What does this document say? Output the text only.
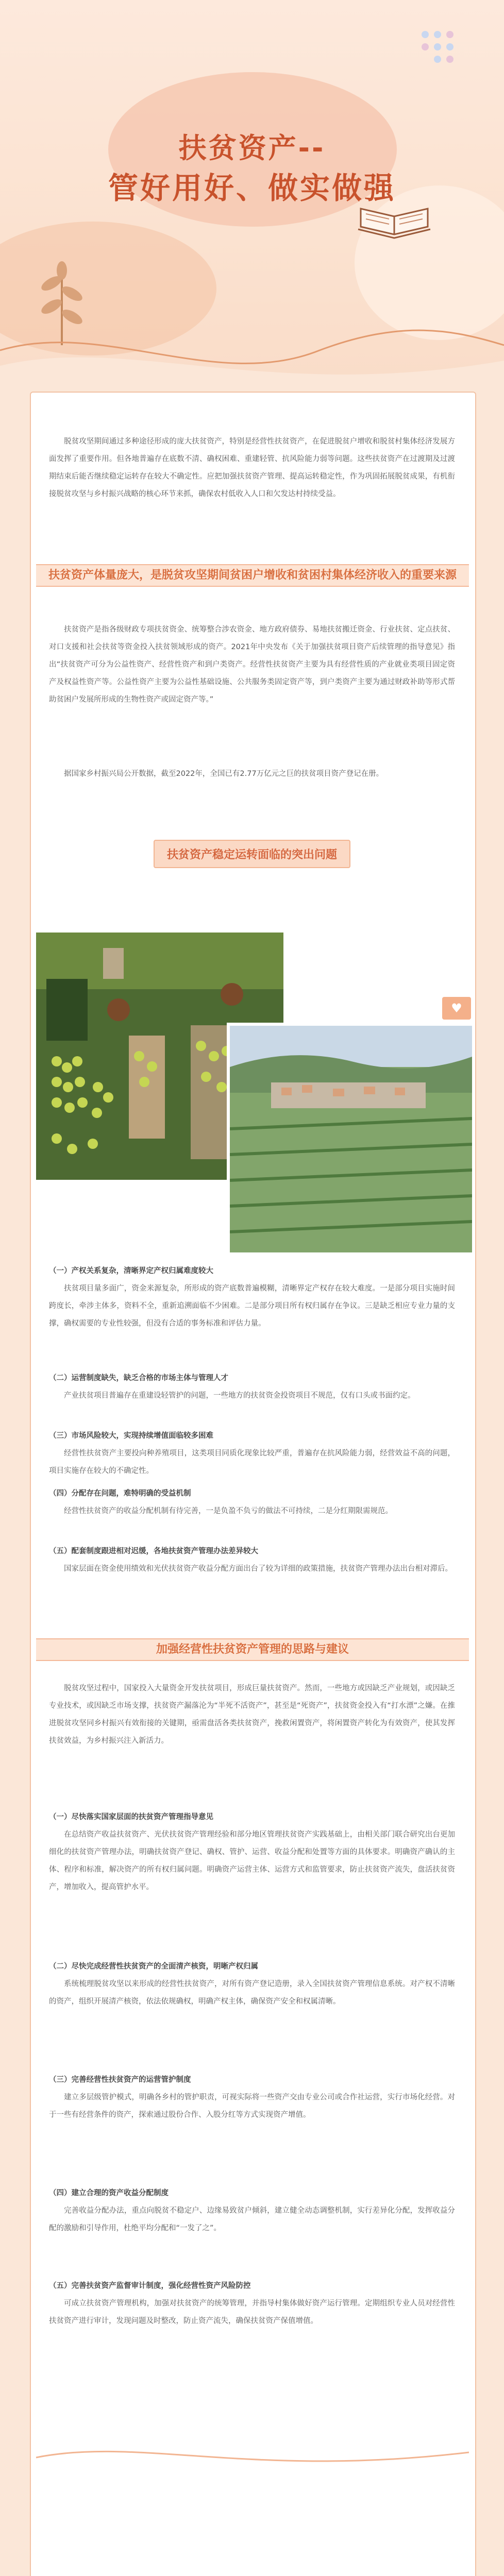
扶贫资产--
管好用好、做实做强

脱贫攻坚期间通过多种途径形成的庞大扶贫资产，特别是经营性扶贫资产，在促进脱贫户增收和脱贫村集体经济发展方面发挥了重要作用。但各地普遍存在底数不清、确权困难、重建轻管、抗风险能力弱等问题。这些扶贫资产在过渡期及过渡期结束后能否继续稳定运转存在较大不确定性。应把加强扶贫资产管理、提高运转稳定性，作为巩固拓展脱贫成果，有机衔接脱贫攻坚与乡村振兴战略的核心环节来抓，确保农村低收入人口和欠发达村持续受益。

扶贫资产体量庞大，是脱贫攻坚期间贫困户增收和贫困村集体经济收入的重要来源

扶贫资产是指各级财政专项扶贫资金、统筹整合涉农资金、地方政府债券、易地扶贫搬迁资金、行业扶贫、定点扶贫、对口支援和社会扶贫等资金投入扶贫领域形成的资产。2021年中央发布《关于加强扶贫项目资产后续管理的指导意见》指出“扶贫资产可分为公益性资产、经营性资产和到户类资产。经营性扶贫资产主要为具有经营性质的产业就业类项目固定资产及权益性资产等。公益性资产主要为公益性基础设施、公共服务类固定资产等，到户类资产主要为通过财政补助等形式帮助贫困户发展所形成的生物性资产或固定资产等。”

据国家乡村振兴局公开数据，截至2022年，全国已有2.77万亿元之巨的扶贫项目资产登记在册。

扶贫资产稳定运转面临的突出问题
♥

（一）产权关系复杂，清晰界定产权归属难度较大

扶贫项目量多面广，资金来源复杂，所形成的资产底数普遍模糊，清晰界定产权存在较大难度。一是部分项目实施时间跨度长，牵涉主体多，资料不全，重新追溯面临不少困难。二是部分项目所有权归属存在争议。三是缺乏相应专业力量的支撑，确权需要的专业性较强，但没有合适的事务标准和评估力量。

（二）运营制度缺失，缺乏合格的市场主体与管理人才

产业扶贫项目普遍存在重建设轻管护的问题，一些地方的扶贫资金投资项目不规范，仅有口头或书面约定。

（三）市场风险较大，实现持续增值面临较多困难

经营性扶贫资产主要投向种养殖项目，这类项目同质化现象比较严重，普遍存在抗风险能力弱，经营效益不高的问题，项目实施存在较大的不确定性。

（四）分配存在问题，难特明确的受益机制

经营性扶贫资产的收益分配机制有待完善，一是负盈不负亏的做法不可持续，二是分红期限需规范。

（五）配套制度跟进相对迟缓，各地扶贫资产管理办法差异较大

国家层面在资金使用绩效和光伏扶贫资产收益分配方面出台了较为详细的政策措施，扶贫资产管理办法出台相对滞后。

加强经营性扶贫资产管理的思路与建议

脱贫攻坚过程中，国家投入大量资金开发扶贫项目，形成巨量扶贫资产。然而，一些地方或因缺乏产业规划，或因缺乏专业技术，或因缺乏市场支撑，扶贫资产漏落沦为“半死不活资产”，甚至是“死资产”，扶贫资金投入有“打水漂”之嫌。在推进脱贫攻坚同乡村振兴有效衔接的关键期，亟需盘活各类扶贫资产，挽救闲置资产，将闲置资产转化为有效资产，使其发挥扶贫效益，为乡村振兴注入新活力。

（一）尽快落实国家层面的扶贫资产管理指导意见

在总结资产收益扶贫资产、光伏扶贫资产管理经验和部分地区管理扶贫资产实践基础上，由相关部门联合研究出台更加细化的扶贫资产管理办法，明确扶贫资产登记、确权、管护、运营、收益分配和处置等方面的具体要求。明确资产确认的主体、程序和标准，解决资产的所有权归属问题。明确资产运营主体、运营方式和监管要求，防止扶贫资产流失，盘活扶贫资产，增加收入，提高管护水平。

（二）尽快完成经营性扶贫资产的全面清产核资，明晰产权归属

系统梳理脱贫攻坚以来形成的经营性扶贫资产，对所有资产登记造册，录入全国扶贫资产管理信息系统。对产权不清晰的资产，组织开展清产核资，依法依规确权，明确产权主体，确保资产安全和权属清晰。

（三）完善经营性扶贫资产的运营管护制度

建立多层级管护模式，明确各乡村的管护职责，可视实际将一些资产交由专业公司或合作社运营，实行市场化经营。对于一些有经营条件的资产，探索通过股份合作、入股分红等方式实现资产增值。

（四）建立合理的资产收益分配制度

完善收益分配办法，重点向脱贫不稳定户、边缘易致贫户倾斜，建立健全动态调整机制，实行差异化分配，发挥收益分配的激励和引导作用，杜绝平均分配和“一发了之”。

（五）完善扶贫资产监督审计制度，强化经营性资产风险防控

可成立扶贫资产管理机构，加强对扶贫资产的统筹管理，并指导村集体做好资产运行管理。定期组织专业人员对经营性扶贫资产进行审计，发现问题及时整改，防止资产流失，确保扶贫资产保值增值。
